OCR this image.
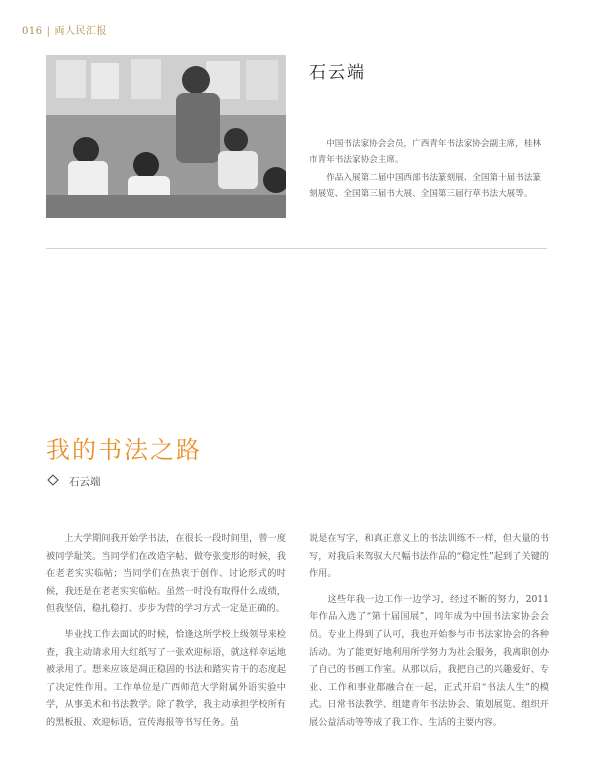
016 | 両人民汇报
石云端

中国书法家协会会员，广西青年书法家协会副主席，桂林市青年书法家协会主席。

作品入展第二届中国西部书法篆刻展、全国第十届书法篆刻展览、全国第三届书大展、全国第三届行草书法大展等。

我的书法之路
石云端

上大学期间我开始学书法，在很长一段时间里，曾一度被同学耻笑。当同学们在改造字帖、做夸张变形的时候，我在老老实实临帖；当同学们在热衷于创作、讨论形式的时候，我还是在老老实实临帖。虽然一时没有取得什么成绩，但我坚信，稳扎稳打、步步为营的学习方式一定是正确的。

毕业找工作去面试的时候，恰逢这所学校上级领导来检查，我主动请求用大红纸写了一张欢迎标语，就这样幸运地被录用了。想来应该是凋正稳固的书法和踏实肯干的态度起了决定性作用。工作单位是广西师范大学附属外语实验中学，从事美术和书法教学。除了教学，我主动承担学校所有的黑板报、欢迎标语，宣传海报等书写任务。虽

说是在写字，和真正意义上的书法训练不一样，但大量的书写，对我后来驾驭大尺幅书法作品的“稳定性”起到了关键的作用。

这些年我一边工作一边学习，经过不断的努力，2011年作品入选了“第十届国展”，同年成为中国书法家协会会员。专业上得到了认可，我也开始参与市书法家协会的各种活动。为了能更好地利用所学努力为社会服务，我离职创办了自己的书画工作室。从那以后，我把自己的兴趣爱好、专业、工作和事业都融合在一起，正式开启“书法人生”的模式。日常书法教学、组建青年书法协会、策划展览、组织开展公益活动等等成了我工作、生活的主要内容。
